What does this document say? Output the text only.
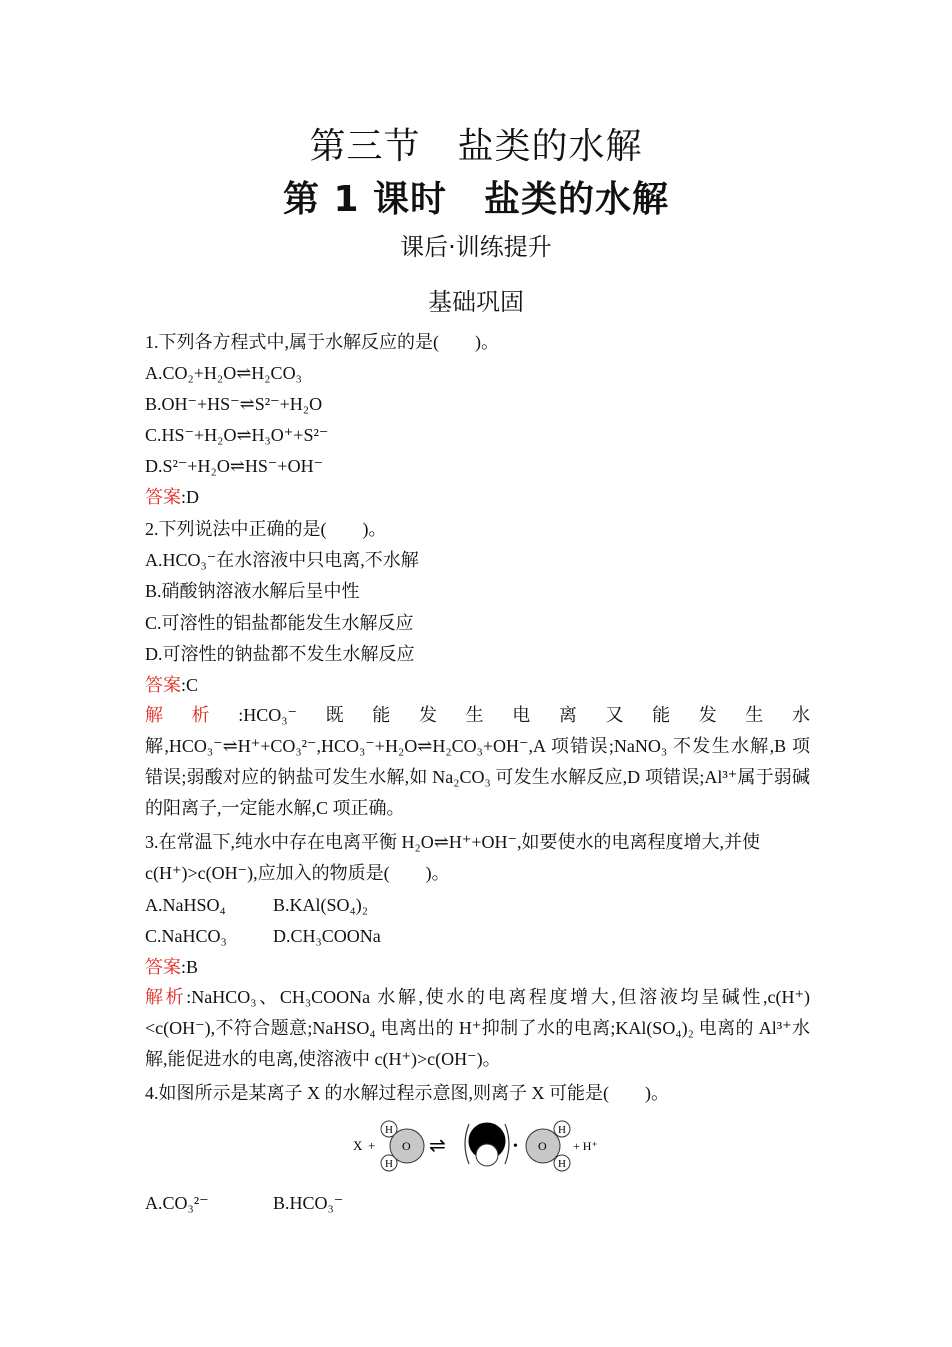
第三节　盐类的水解
第 1 课时　盐类的水解
课后·训练提升
基础巩固
1.下列各方程式中,属于水解反应的是(　　)。
A.CO₂+H₂O⇌H₂CO₃
B.OH⁻+HS⁻⇌S²⁻+H₂O
C.HS⁻+H₂O⇌H₃O⁺+S²⁻
D.S²⁻+H₂O⇌HS⁻+OH⁻
答案:D
2.下列说法中正确的是(　　)。
A.HCO₃⁻在水溶液中只电离,不水解
B.硝酸钠溶液水解后呈中性
C.可溶性的铝盐都能发生水解反应
D.可溶性的钠盐都不发生水解反应
答案:C
解析:HCO₃⁻既能发生电离又能发生水解,HCO₃⁻⇌H⁺+CO₃²⁻,HCO₃⁻+H₂O⇌H₂CO₃+OH⁻,A 项错误;NaNO₃ 不发生水解,B 项错误;弱酸对应的钠盐可发生水解,如 Na₂CO₃ 可发生水解反应,D 项错误;Al³⁺属于弱碱的阳离子,一定能水解,C 项正确。
3.在常温下,纯水中存在电离平衡 H₂O⇌H⁺+OH⁻,如要使水的电离程度增大,并使
c(H⁺)>c(OH⁻),应加入的物质是(　　)。
A.NaHSO₄	B.KAl(SO₄)₂
C.NaHCO₃	D.CH₃COONa
答案:B
解析:NaHCO₃、CH₃COONa 水解,使水的电离程度增大,但溶液均呈碱性,c(H⁺)<c(OH⁻),不符合题意;NaHSO₄ 电离出的 H⁺抑制了水的电离;KAl(SO₄)₂ 电离的 Al³⁺水解,能促进水的电离,使溶液中 c(H⁺)>c(OH⁻)。
4.如图所示是某离子 X 的水解过程示意图,则离子 X 可能是(　　)。
X +
H
H
O ⇌	•
H
H
O + H⁺
A.CO₃²⁻	B.HCO₃⁻
